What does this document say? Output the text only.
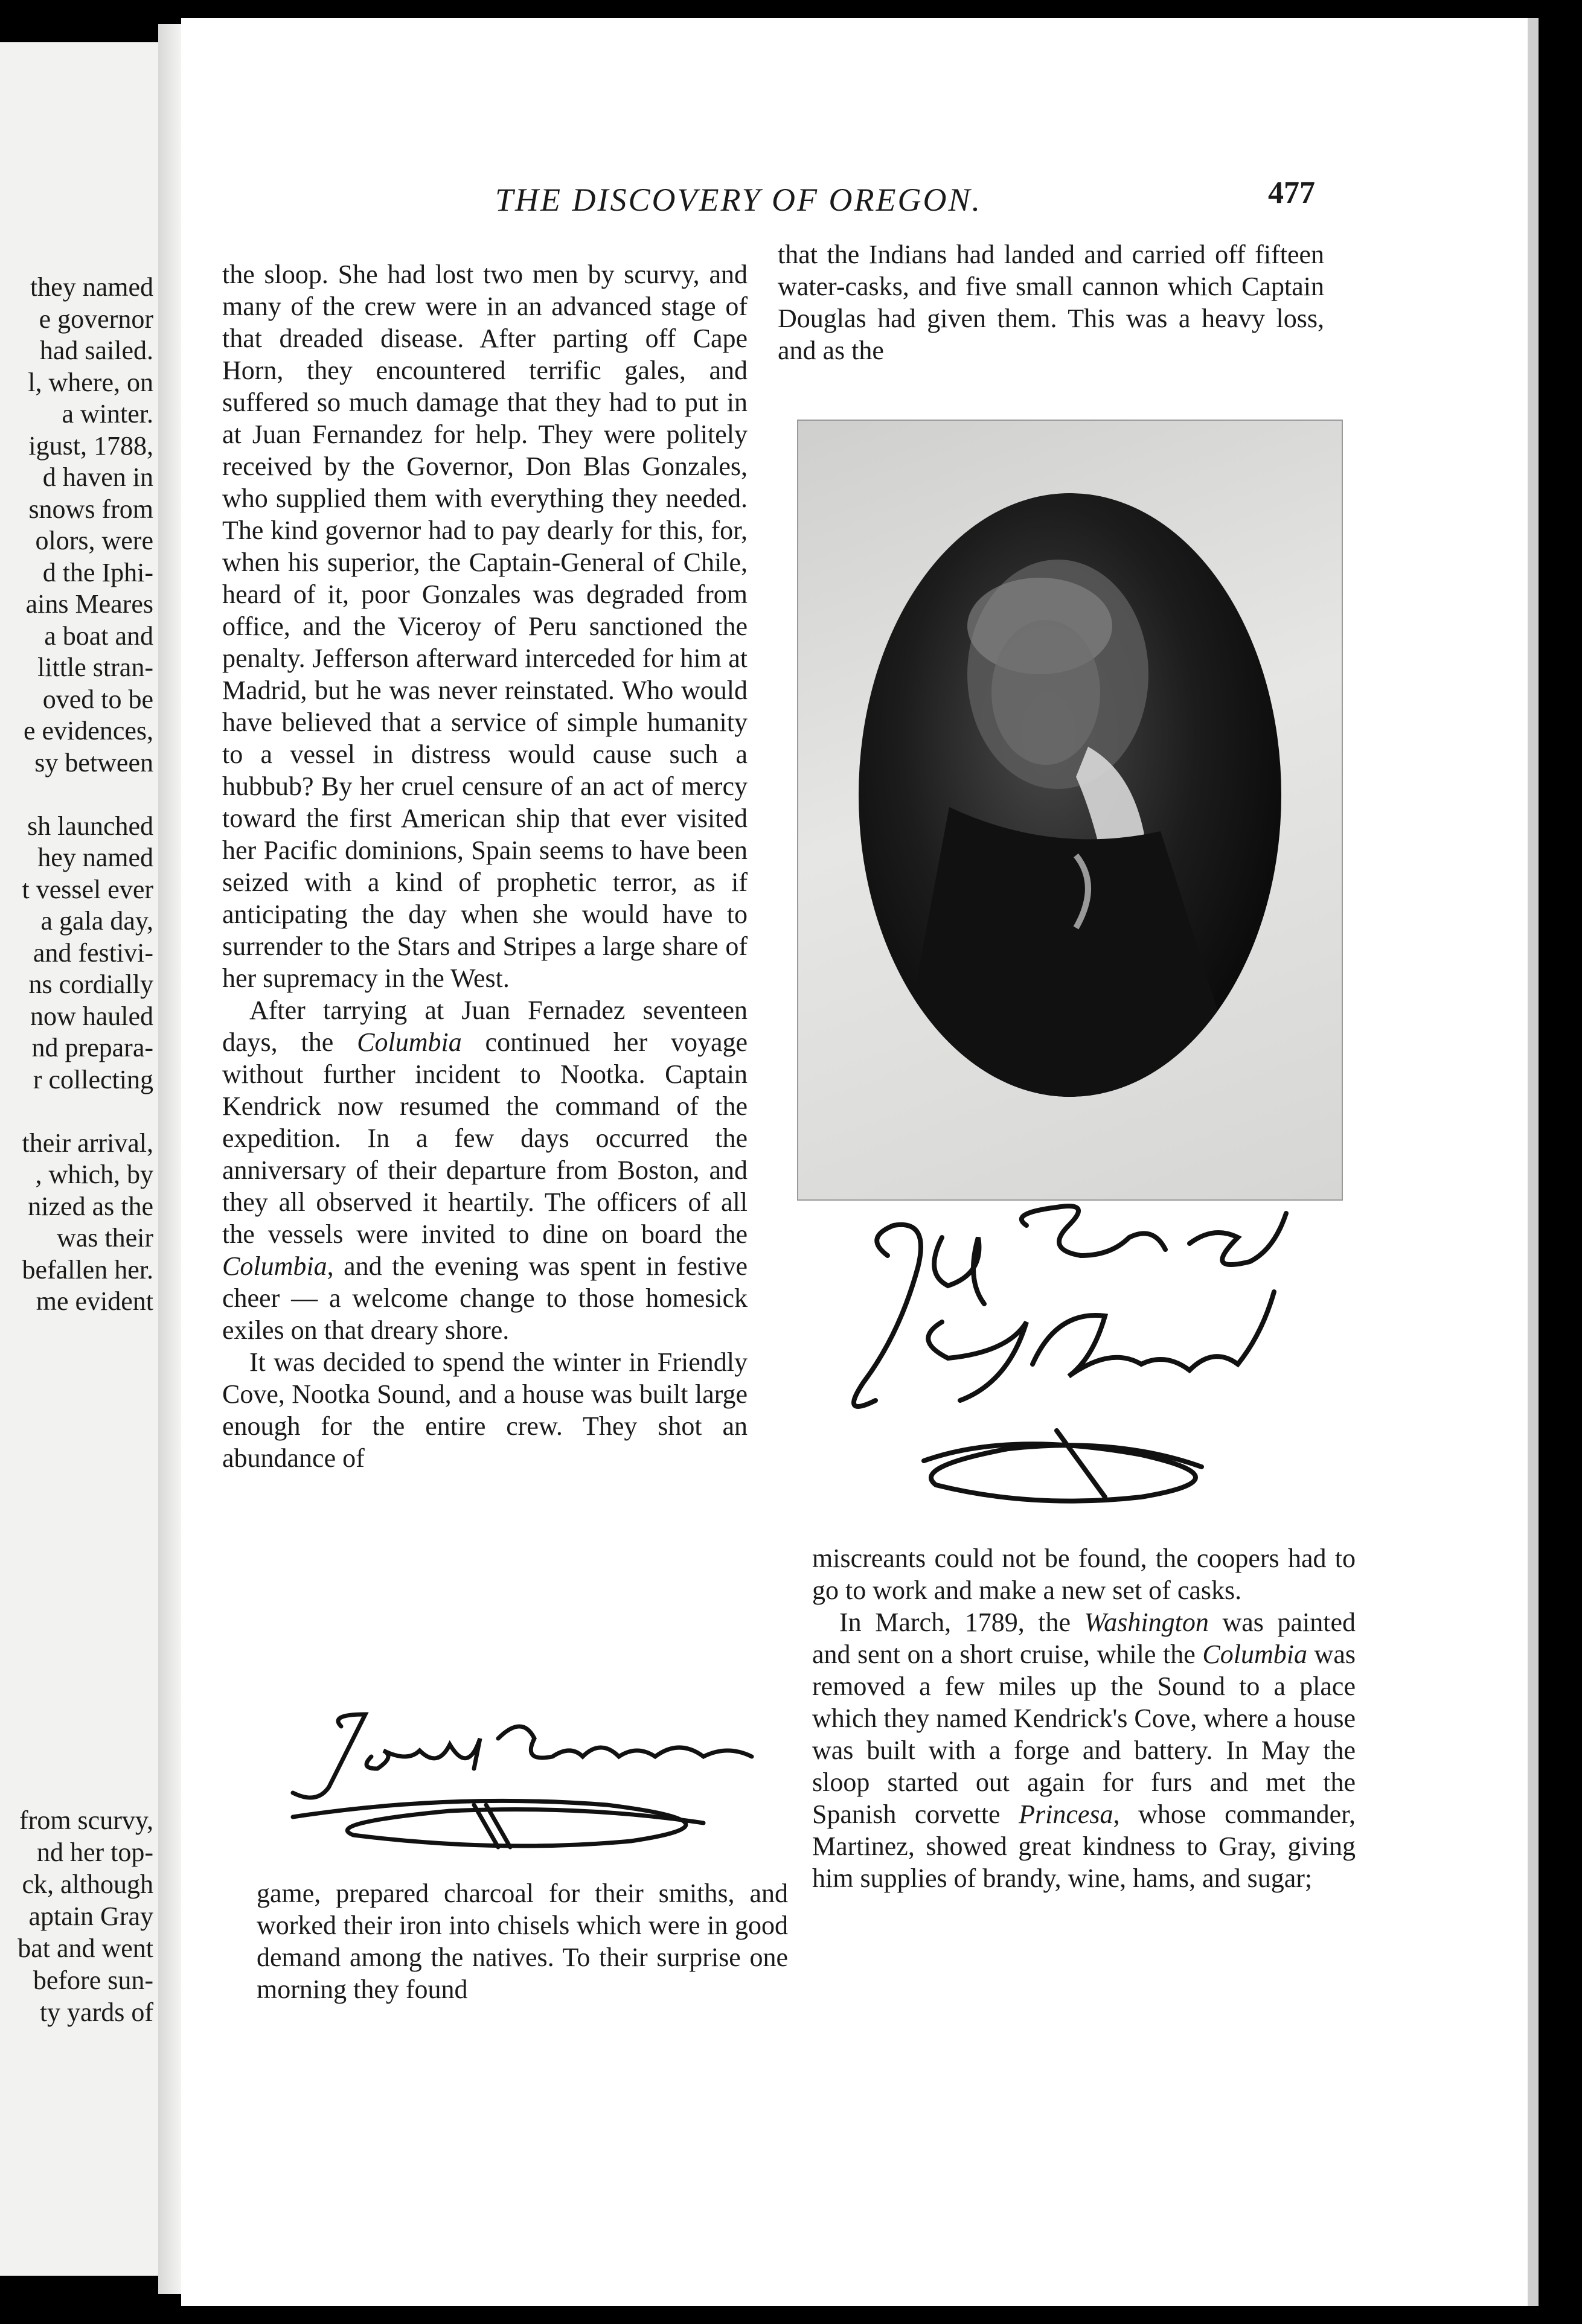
they named
e governor
had sailed.
l, where, on
a winter.
igust, 1788,
d haven in
snows from
olors, were
d the Iphi-
ains Meares
a boat and
little stran-
oved to be
e evidences,
sy between
sh launched
hey named
t vessel ever
a gala day,
and festivi-
ns cordially
now hauled
nd prepara-
r collecting
their arrival,
, which, by
nized as the
was their
befallen her.
me evident
from scurvy,
nd her top-
ck, although
aptain Gray
bat and went
before sun-
ty yards of
THE DISCOVERY OF OREGON.	477

the sloop. She had lost two men by scurvy, and many of the crew were in an advanced stage of that dreaded disease. After parting off Cape Horn, they encountered terrific gales, and suffered so much damage that they had to put in at Juan Fernandez for help. They were politely received by the Governor, Don Blas Gonzales, who supplied them with everything they needed. The kind governor had to pay dearly for this, for, when his superior, the Captain-General of Chile, heard of it, poor Gonzales was degraded from office, and the Viceroy of Peru sanctioned the penalty. Jefferson afterward interceded for him at Madrid, but he was never reinstated. Who would have believed that a service of simple humanity to a vessel in distress would cause such a hubbub? By her cruel censure of an act of mercy toward the first American ship that ever visited her Pacific dominions, Spain seems to have been seized with a kind of prophetic terror, as if anticipating the day when she would have to surrender to the Stars and Stripes a large share of her supremacy in the West.

After tarrying at Juan Fernadez seventeen days, the Columbia continued her voyage without further incident to Nootka. Captain Kendrick now resumed the command of the expedition. In a few days occurred the anniversary of their departure from Boston, and they all observed it heartily. The officers of all the vessels were invited to dine on board the Columbia, and the evening was spent in festive cheer — a welcome change to those homesick exiles on that dreary shore.

It was decided to spend the winter in Friendly Cove, Nootka Sound, and a house was built large enough for the entire crew. They shot an abundance of

game, prepared charcoal for their smiths, and worked their iron into chisels which were in good demand among the natives. To their surprise one morning they found

that the Indians had landed and carried off fifteen water-casks, and five small cannon which Captain Douglas had given them. This was a heavy loss, and as the

miscreants could not be found, the coopers had to go to work and make a new set of casks.

In March, 1789, the Washington was painted and sent on a short cruise, while the Columbia was removed a few miles up the Sound to a place which they named Kendrick's Cove, where a house was built with a forge and battery. In May the sloop started out again for furs and met the Spanish corvette Princesa, whose commander, Martinez, showed great kindness to Gray, giving him supplies of brandy, wine, hams, and sugar;
